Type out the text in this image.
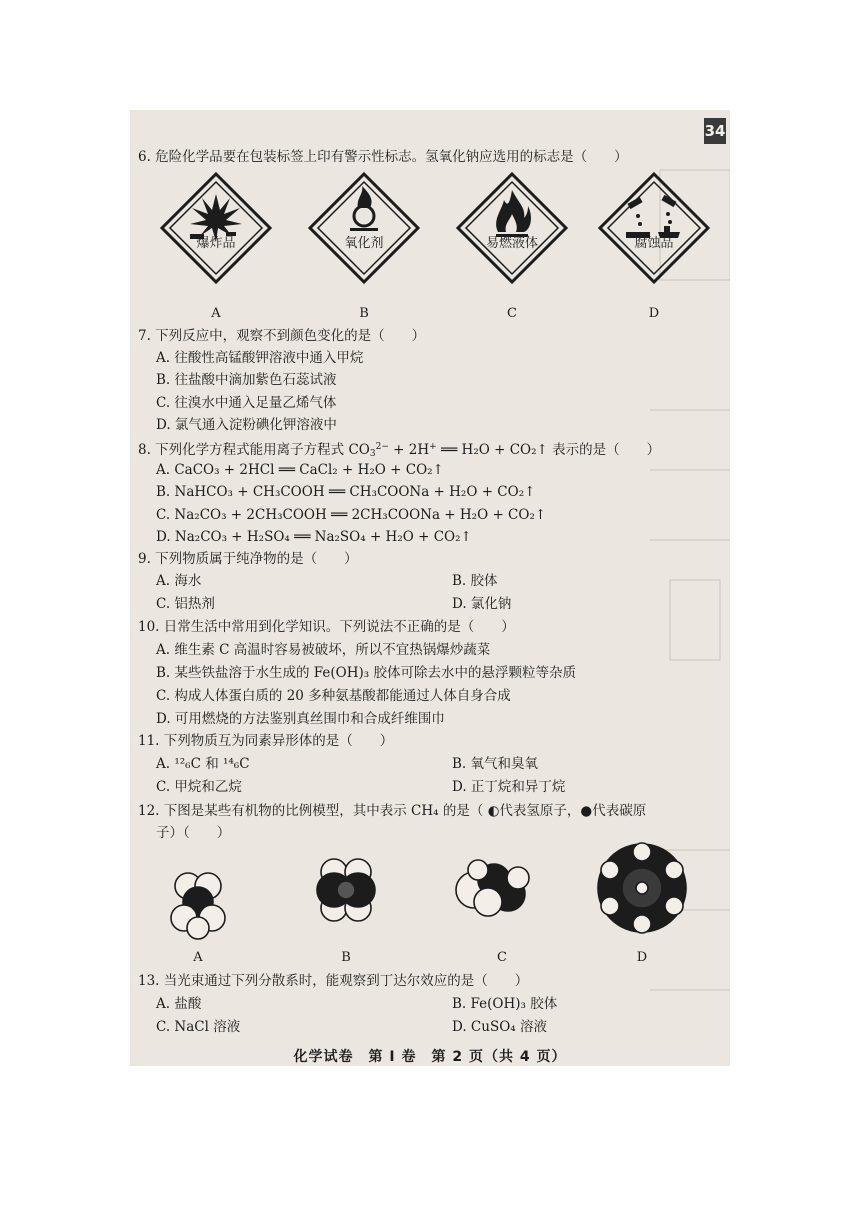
34
6. 危险化学品要在包装标签上印有警示性标志。氢氧化钠应选用的标志是（　　）
爆炸品	氧化剂	易燃液体	腐蚀品
A	B	C	D
7. 下列反应中，观察不到颜色变化的是（　　）
A. 往酸性高锰酸钾溶液中通入甲烷
B. 往盐酸中滴加紫色石蕊试液
C. 往溴水中通入足量乙烯气体
D. 氯气通入淀粉碘化钾溶液中
8. 下列化学方程式能用离子方程式 $CO_3^{2-} + 2H^+$ ══ H₂O + CO₂↑ 表示的是（　　）
A. CaCO₃ + 2HCl ══ CaCl₂ + H₂O + CO₂↑
B. NaHCO₃ + CH₃COOH ══ CH₃COONa + H₂O + CO₂↑
C. Na₂CO₃ + 2CH₃COOH ══ 2CH₃COONa + H₂O + CO₂↑
D. Na₂CO₃ + H₂SO₄ ══ Na₂SO₄ + H₂O + CO₂↑
9. 下列物质属于纯净物的是（　　）
A. 海水	B. 胶体
C. 铝热剂	D. 氯化钠
10. 日常生活中常用到化学知识。下列说法不正确的是（　　）
A. 维生素 C 高温时容易被破坏，所以不宜热锅爆炒蔬菜
B. 某些铁盐溶于水生成的 Fe(OH)₃ 胶体可除去水中的悬浮颗粒等杂质
C. 构成人体蛋白质的 20 多种氨基酸都能通过人体自身合成
D. 可用燃烧的方法鉴别真丝围巾和合成纤维围巾
11. 下列物质互为同素异形体的是（　　）
A. ¹²₆C 和 ¹⁴₆C	B. 氧气和臭氧
C. 甲烷和乙烷	D. 正丁烷和异丁烷
12. 下图是某些有机物的比例模型，其中表示 CH₄ 的是（ ◐代表氢原子，●代表碳原
子）（　　）
A	B	C	D
13. 当光束通过下列分散系时，能观察到丁达尔效应的是（　　）
A. 盐酸	B. Fe(OH)₃ 胶体
C. NaCl 溶液	D. CuSO₄ 溶液
化学试卷　第 Ⅰ 卷　第 2 页（共 4 页）
